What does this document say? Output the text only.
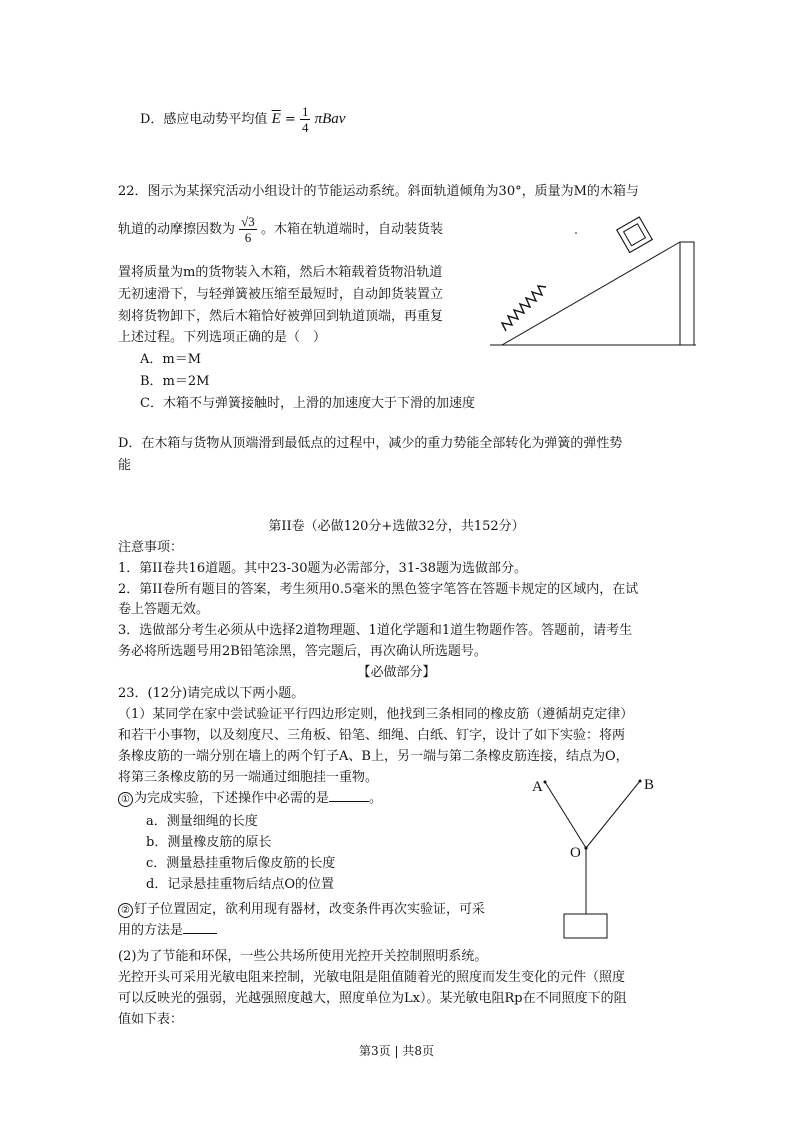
D．感应电动势平均值 $\overline{E} = \frac{1}{4}$ πBav
22．图示为某探究活动小组设计的节能运动系统。斜面轨道倾角为30°，质量为M的木箱与
轨道的动摩擦因数为 $\frac{√3}{6}$ 。木箱在轨道端时，自动装货装
置将质量为m的货物装入木箱，然后木箱载着货物沿轨道
无初速滑下，与轻弹簧被压缩至最短时，自动卸货装置立
刻将货物卸下，然后木箱恰好被弹回到轨道顶端，再重复
上述过程。下列选项正确的是（　）
A．m＝M
B．m＝2M
C．木箱不与弹簧接触时，上滑的加速度大于下滑的加速度
D．在木箱与货物从顶端滑到最低点的过程中，减少的重力势能全部转化为弹簧的弹性势
能
第II卷（必做120分+选做32分，共152分）
注意事项：
1．第II卷共16道题。其中23-30题为必需部分，31-38题为选做部分。
2．第II卷所有题目的答案，考生须用0.5毫米的黑色签字笔答在答题卡规定的区域内，在试
卷上答题无效。
3．选做部分考生必须从中选择2道物理题、1道化学题和1道生物题作答。答题前，请考生
务必将所选题号用2B铅笔涂黑，答完题后，再次确认所选题号。
【必做部分】
23．(12分)请完成以下两小题。
（1）某同学在家中尝试验证平行四边形定则，他找到三条相同的橡皮筋（遵循胡克定律）
和若干小事物，以及刻度尺、三角板、铅笔、细绳、白纸、钉字，设计了如下实验：将两
条橡皮筋的一端分别在墙上的两个钉子A、B上，另一端与第二条橡皮筋连接，结点为O，
将第三条橡皮筋的另一端通过细胞挂一重物。
① 为完成实验，下述操作中必需的是	。
a．测量细绳的长度
b．测量橡皮筋的原长
c．测量悬挂重物后像皮筋的长度
d．记录悬挂重物后结点O的位置
② 钉子位置固定，欲利用现有器材，改变条件再次实验证，可采
用的方法是
A	B
O
(2)为了节能和环保，一些公共场所使用光控开关控制照明系统。
光控开头可采用光敏电阻来控制，光敏电阻是阻值随着光的照度而发生变化的元件（照度
可以反映光的强弱，光越强照度越大，照度单位为Lx）。某光敏电阻Rp在不同照度下的阻
值如下表：
第3页 | 共8页
